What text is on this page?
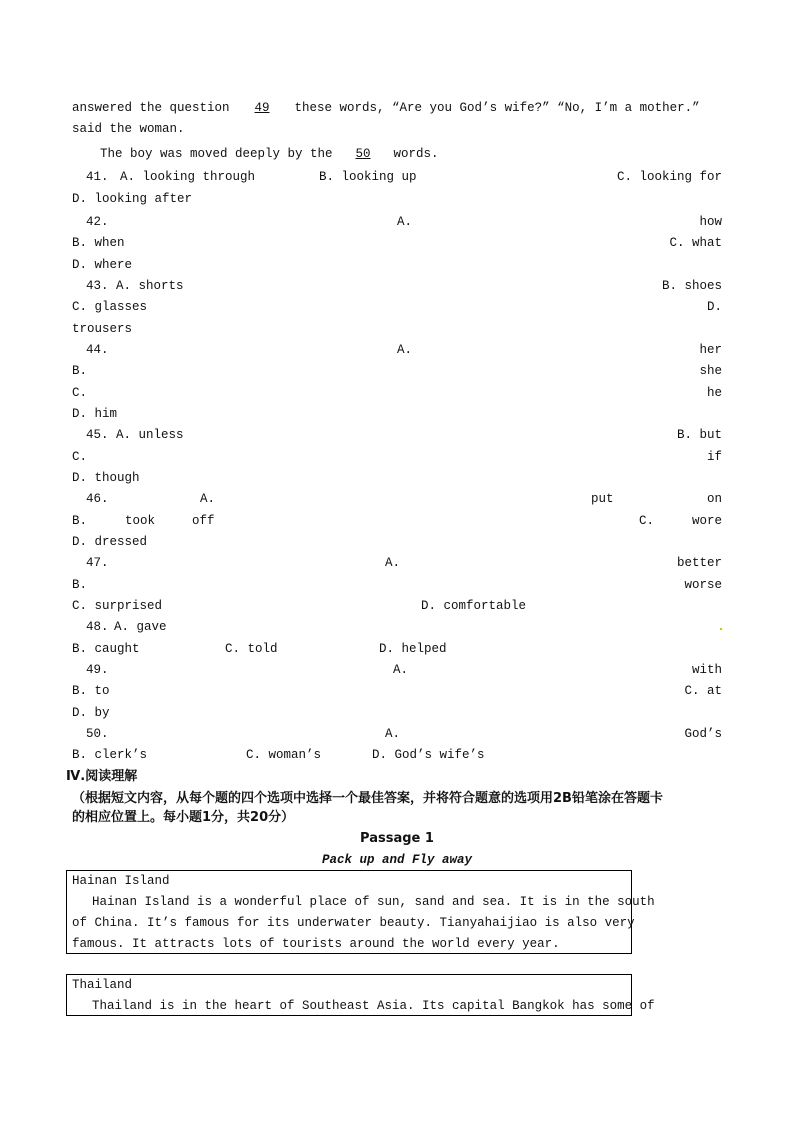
answered the question 49 these words, “Are you God’s wife?” “No, I’m a mother.”
said the woman.
The boy was moved deeply by the 50 words.
41. A. looking through	B. looking up	C. looking for
D. looking after
42.	A.	how
B. when	C. what
D. where
43. A. shorts	B. shoes
C. glasses	D.
trousers
44.	A.	her
B.	she
C.	he
D. him
45. A. unless	B. but
C.	if
D. though
46.	A.	put	on
B.	took	off	C.	wore
D. dressed
47.	A.	better
B.	worse
C. surprised	D. comfortable
48. A. gave
B. caught	C. told	D. helped
49.	A.	with
B. to	C. at
D. by
50.	A.	God’s
B. clerk’s	C. woman’s	D. God’s wife’s
Ⅳ.阅读理解
（根据短文内容，从每个题的四个选项中选择一个最佳答案，并将符合题意的选项用2B铅笔涂在答题卡
的相应位置上。每小题1分，共20分）
Passage 1
Pack up and Fly away
Hainan Island
Hainan Island is a wonderful place of sun, sand and sea. It is in the south
of China. It’s famous for its underwater beauty. Tianyahaijiao is also very
famous. It attracts lots of tourists around the world every year.
Thailand
Thailand is in the heart of Southeast Asia. Its capital Bangkok has some of
